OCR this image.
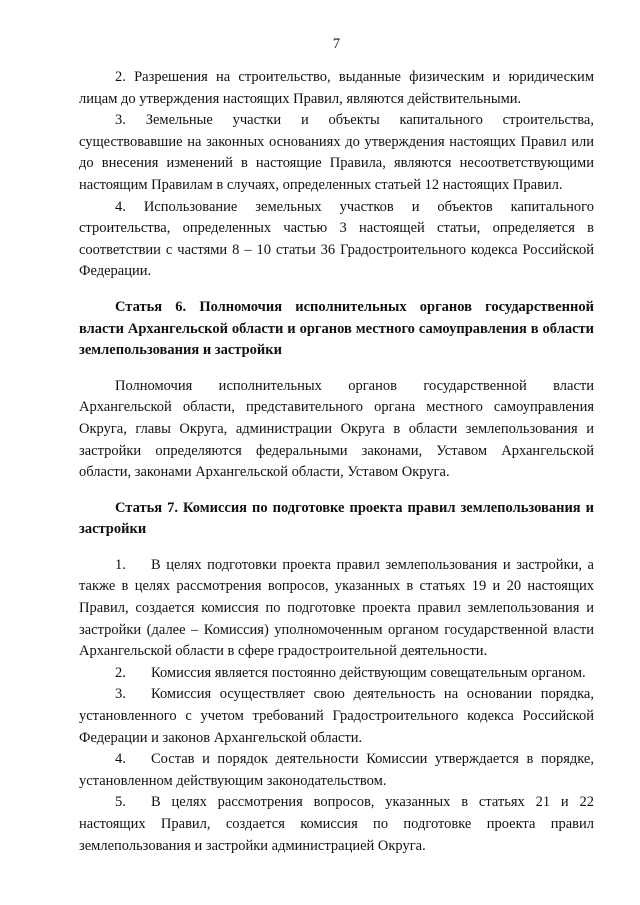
7

2. Разрешения на строительство, выданные физическим и юридическим лицам до утверждения настоящих Правил, являются действительными.

3. Земельные участки и объекты капитального строительства, существовавшие на законных основаниях до утверждения настоящих Правил или до внесения изменений в настоящие Правила, являются несоответствующими настоящим Правилам в случаях, определенных статьей 12 настоящих Правил.

4. Использование земельных участков и объектов капитального строительства, определенных частью 3 настоящей статьи, определяется в соответствии с частями 8 – 10 статьи 36 Градостроительного кодекса Российской Федерации.

Статья 6. Полномочия исполнительных органов государственной власти Архангельской области и органов местного самоуправления в области землепользования и застройки

Полномочия исполнительных органов государственной власти Архангельской области, представительного органа местного самоуправления Округа, главы Округа, администрации Округа в области землепользования и застройки определяются федеральными законами, Уставом Архангельской области, законами Архангельской области, Уставом Округа.

Статья 7. Комиссия по подготовке проекта правил землепользования и застройки

1. В целях подготовки проекта правил землепользования и застройки, а также в целях рассмотрения вопросов, указанных в статьях 19 и 20 настоящих Правил, создается комиссия по подготовке проекта правил землепользования и застройки (далее – Комиссия) уполномоченным органом государственной власти Архангельской области в сфере градостроительной деятельности.

2. Комиссия является постоянно действующим совещательным органом.

3. Комиссия осуществляет свою деятельность на основании порядка, установленного с учетом требований Градостроительного кодекса Российской Федерации и законов Архангельской области.

4. Состав и порядок деятельности Комиссии утверждается в порядке, установленном действующим законодательством.

5. В целях рассмотрения вопросов, указанных в статьях 21 и 22 настоящих Правил, создается комиссия по подготовке проекта правил землепользования и застройки администрацией Округа.
